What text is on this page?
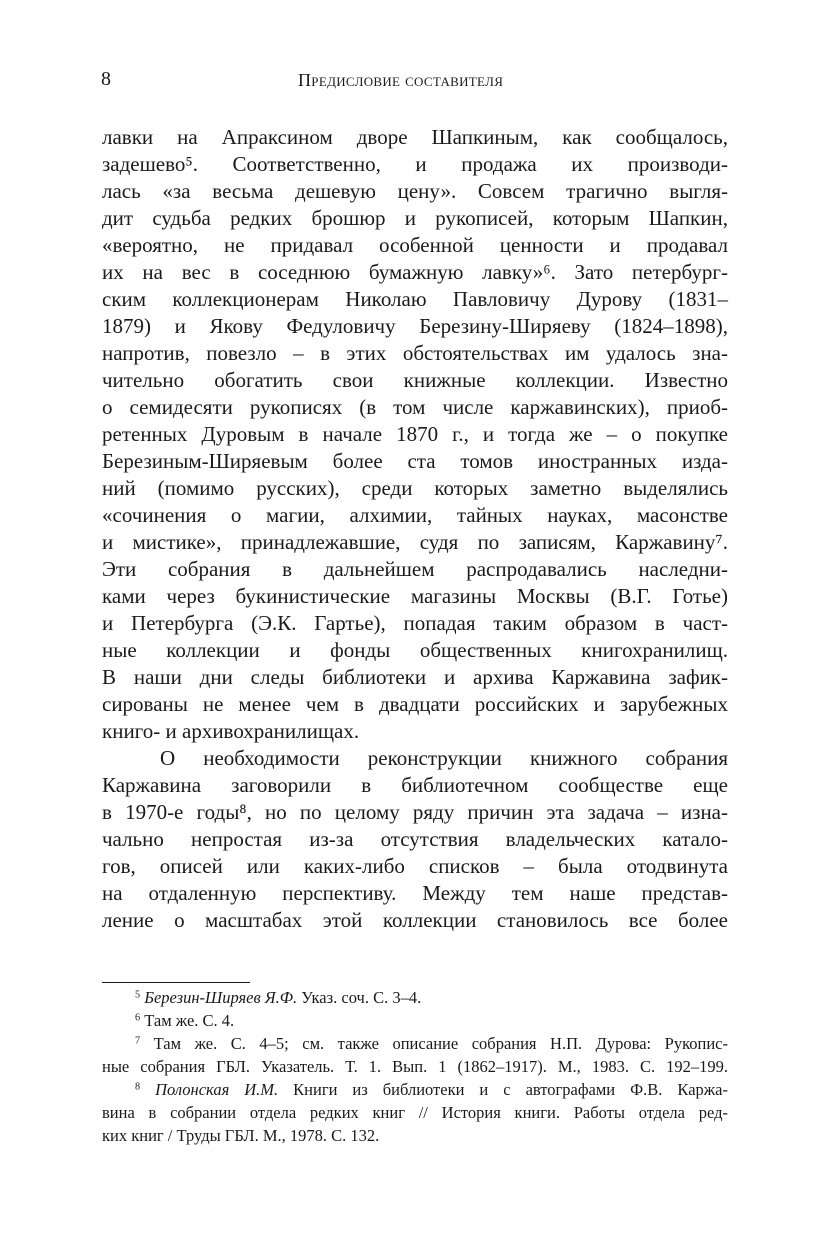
8	Предисловие составителя
лавки на Апраксином дворе Шапкиным, как сообщалось,
задешево⁵. Соответственно, и продажа их производи-
лась «за весьма дешевую цену». Совсем трагично выгля-
дит судьба редких брошюр и рукописей, которым Шапкин,
«вероятно, не придавал особенной ценности и продавал
их на вес в соседнюю бумажную лавку»⁶. Зато петербург-
ским коллекционерам Николаю Павловичу Дурову (1831–
1879) и Якову Федуловичу Березину-Ширяеву (1824–1898),
напротив, повезло – в этих обстоятельствах им удалось зна-
чительно обогатить свои книжные коллекции. Известно
о семидесяти рукописях (в том числе каржавинских), приоб-
ретенных Дуровым в начале 1870 г., и тогда же – о покупке
Березиным-Ширяевым более ста томов иностранных изда-
ний (помимо русских), среди которых заметно выделялись
«сочинения о магии, алхимии, тайных науках, масонстве
и мистике», принадлежавшие, судя по записям, Каржавину⁷.
Эти собрания в дальнейшем распродавались наследни-
ками через букинистические магазины Москвы (В.Г. Готье)
и Петербурга (Э.К. Гартье), попадая таким образом в част-
ные коллекции и фонды общественных книгохранилищ.
В наши дни следы библиотеки и архива Каржавина зафик-
сированы не менее чем в двадцати российских и зарубежных
книго- и архивохранилищах.
О необходимости реконструкции книжного собрания
Каржавина заговорили в библиотечном сообществе еще
в 1970-е годы⁸, но по целому ряду причин эта задача – изна-
чально непростая из-за отсутствия владельческих катало-
гов, описей или каких-либо списков – была отодвинута
на отдаленную перспективу. Между тем наше представ-
ление о масштабах этой коллекции становилось все более
$^5$ Березин-Ширяев Я.Ф. Указ. соч. С. 3–4.
$^6$ Там же. С. 4.
$^7$ Там же. С. 4–5; см. также описание собрания Н.П. Дурова: Рукопис-
ные собрания ГБЛ. Указатель. Т. 1. Вып. 1 (1862–1917). М., 1983. С. 192–199.
$^8$ Полонская И.М. Книги из библиотеки и с автографами Ф.В. Каржа-
вина в собрании отдела редких книг // История книги. Работы отдела ред-
ких книг / Труды ГБЛ. М., 1978. С. 132.
